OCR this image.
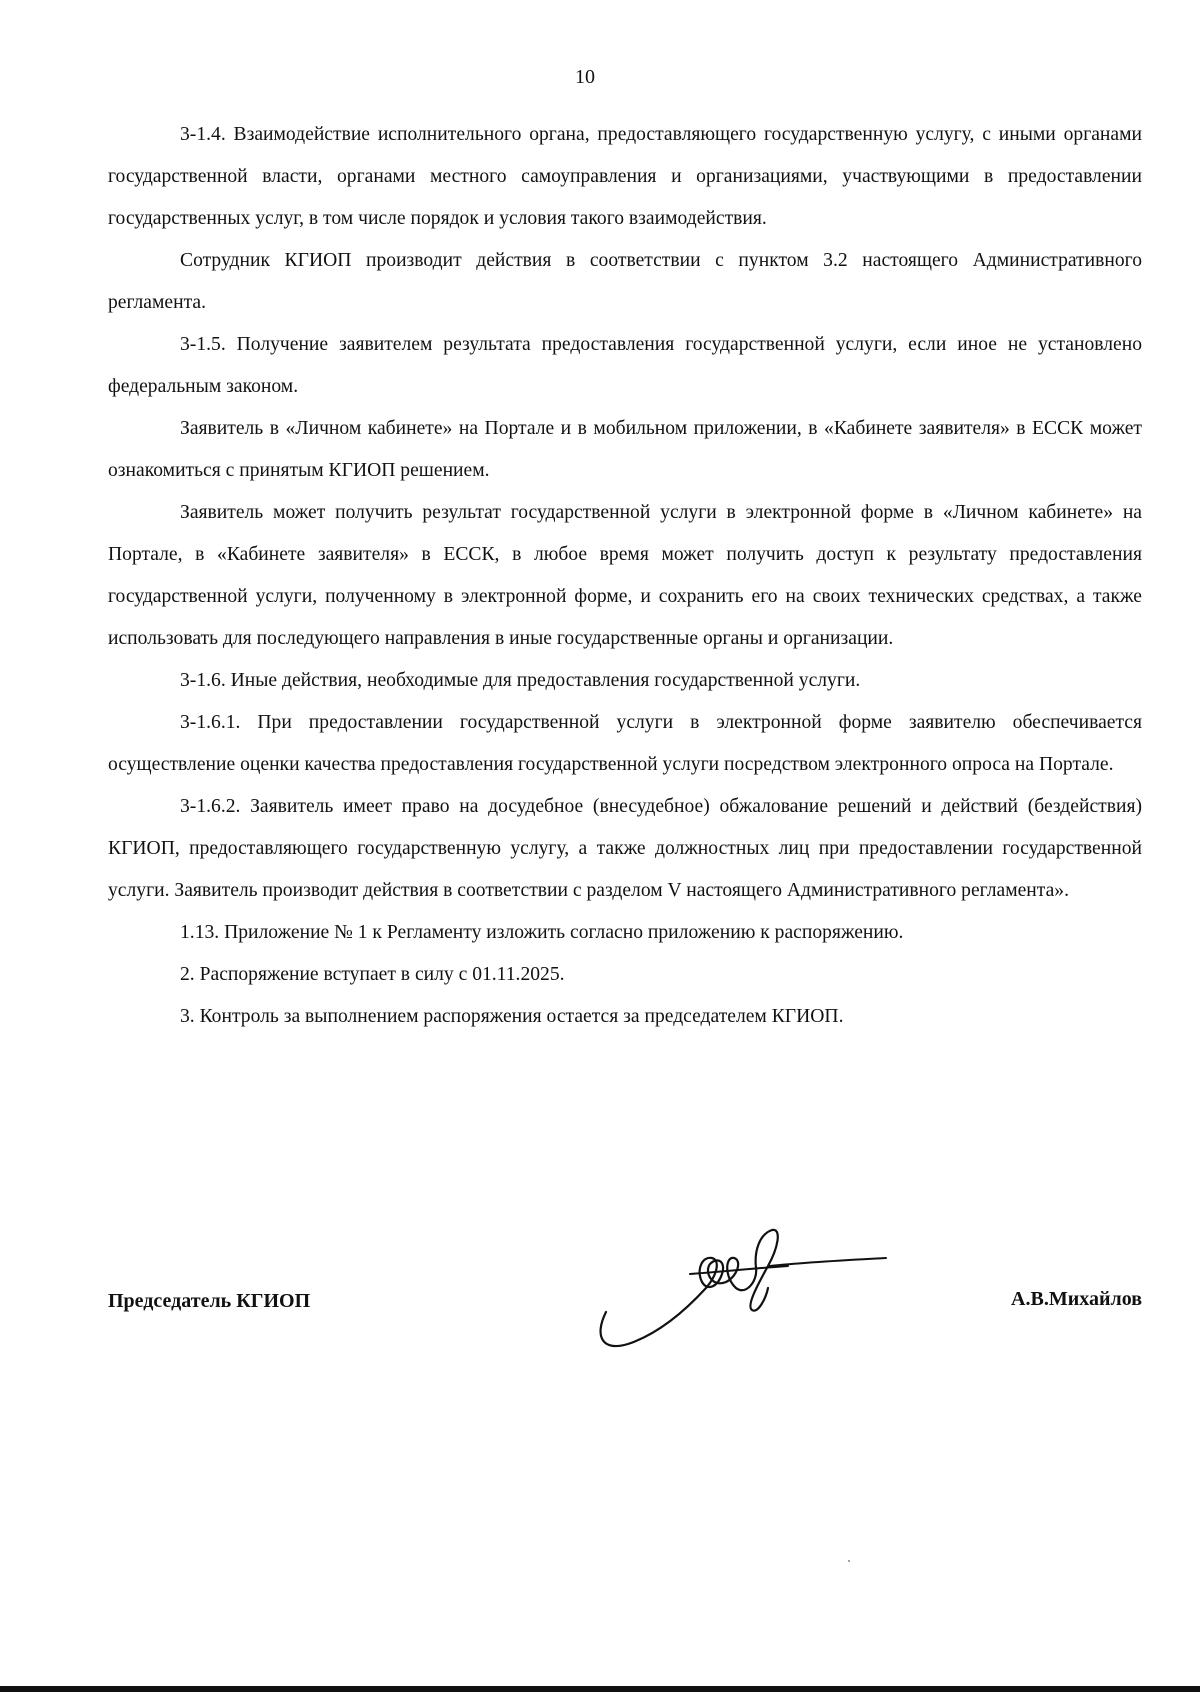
10

3-1.4. Взаимодействие исполнительного органа, предоставляющего государственную услугу, с иными органами государственной власти, органами местного самоуправления и организациями, участвующими в предоставлении государственных услуг, в том числе порядок и условия такого взаимодействия.

Сотрудник КГИОП производит действия в соответствии с пунктом 3.2 настоящего Административного регламента.

3-1.5. Получение заявителем результата предоставления государственной услуги, если иное не установлено федеральным законом.

Заявитель в «Личном кабинете» на Портале и в мобильном приложении, в «Кабинете заявителя» в ЕССК может ознакомиться с принятым КГИОП решением.

Заявитель может получить результат государственной услуги в электронной форме в «Личном кабинете» на Портале, в «Кабинете заявителя» в ЕССК, в любое время может получить доступ к результату предоставления государственной услуги, полученному в электронной форме, и сохранить его на своих технических средствах, а также использовать для последующего направления в иные государственные органы и организации.

3-1.6. Иные действия, необходимые для предоставления государственной услуги.

3-1.6.1. При предоставлении государственной услуги в электронной форме заявителю обеспечивается осуществление оценки качества предоставления государственной услуги посредством электронного опроса на Портале.

3-1.6.2. Заявитель имеет право на досудебное (внесудебное) обжалование решений и действий (бездействия) КГИОП, предоставляющего государственную услугу, а также должностных лиц при предоставлении государственной услуги. Заявитель производит действия в соответствии с разделом V настоящего Административного регламента».

1.13. Приложение № 1 к Регламенту изложить согласно приложению к распоряжению.

2. Распоряжение вступает в силу с 01.11.2025.

3. Контроль за выполнением распоряжения остается за председателем КГИОП.

Председатель КГИОП	А.В.Михайлов
